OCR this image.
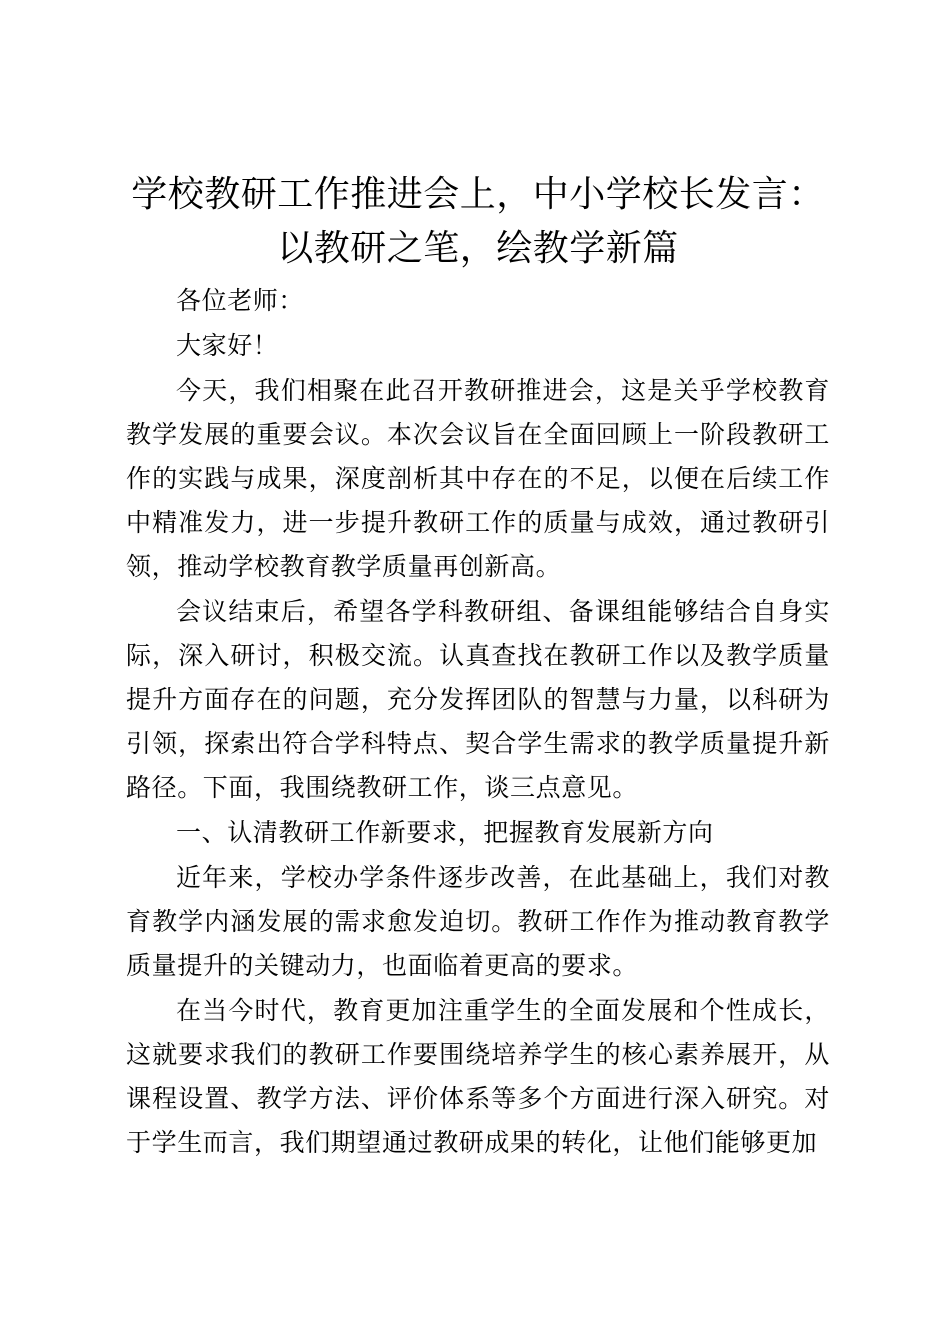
学校教研工作推进会上，中小学校长发言：以教研之笔，绘教学新篇

各位老师：

大家好！

今天，我们相聚在此召开教研推进会，这是关乎学校教育教学发展的重要会议。本次会议旨在全面回顾上一阶段教研工作的实践与成果，深度剖析其中存在的不足，以便在后续工作中精准发力，进一步提升教研工作的质量与成效，通过教研引领，推动学校教育教学质量再创新高。

会议结束后，希望各学科教研组、备课组能够结合自身实际，深入研讨，积极交流。认真查找在教研工作以及教学质量提升方面存在的问题，充分发挥团队的智慧与力量，以科研为引领，探索出符合学科特点、契合学生需求的教学质量提升新路径。下面，我围绕教研工作，谈三点意见。

一、认清教研工作新要求，把握教育发展新方向

近年来，学校办学条件逐步改善，在此基础上，我们对教育教学内涵发展的需求愈发迫切。教研工作作为推动教育教学质量提升的关键动力，也面临着更高的要求。

在当今时代，教育更加注重学生的全面发展和个性成长，这就要求我们的教研工作要围绕培养学生的核心素养展开，从课程设置、教学方法、评价体系等多个方面进行深入研究。对于学生而言，我们期望通过教研成果的转化，让他们能够更加
